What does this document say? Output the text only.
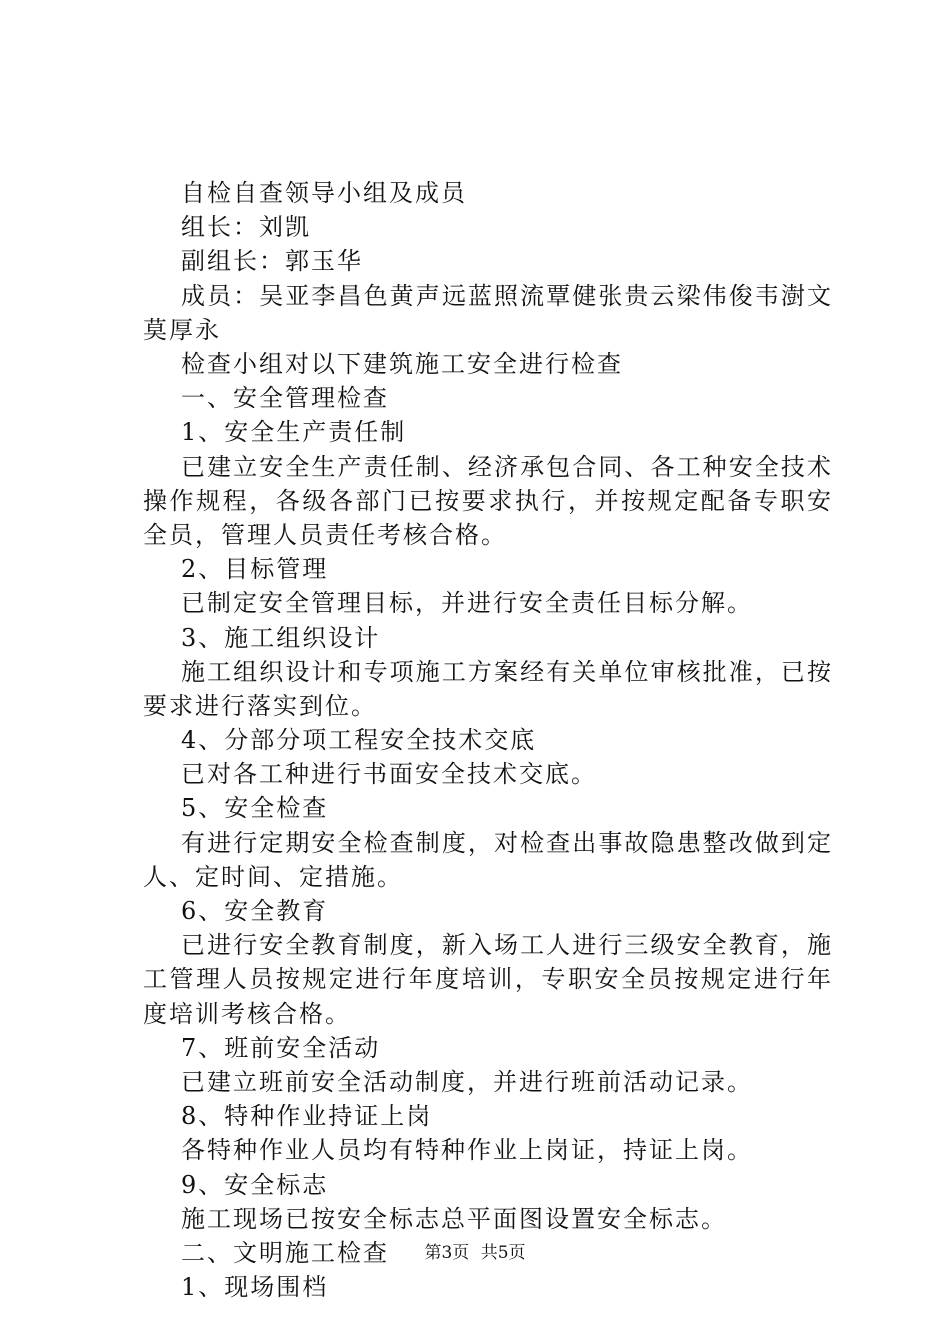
自检自查领导小组及成员
组长：刘凯
副组长：郭玉华

成员：吴亚李昌色黄声远蓝照流覃健张贵云梁伟俊韦澍文莫厚永

检查小组对以下建筑施工安全进行检查
一、安全管理检查
1、安全生产责任制

已建立安全生产责任制、经济承包合同、各工种安全技术操作规程，各级各部门已按要求执行，并按规定配备专职安全员，管理人员责任考核合格。

2、目标管理
已制定安全管理目标，并进行安全责任目标分解。
3、施工组织设计

施工组织设计和专项施工方案经有关单位审核批准，已按要求进行落实到位。

4、分部分项工程安全技术交底
已对各工种进行书面安全技术交底。
5、安全检查

有进行定期安全检查制度，对检查出事故隐患整改做到定人、定时间、定措施。

6、安全教育

已进行安全教育制度，新入场工人进行三级安全教育，施工管理人员按规定进行年度培训，专职安全员按规定进行年度培训考核合格。

7、班前安全活动
已建立班前安全活动制度，并进行班前活动记录。
8、特种作业持证上岗
各特种作业人员均有特种作业上岗证，持证上岗。
9、安全标志
施工现场已按安全标志总平面图设置安全标志。
二、文明施工检查
1、现场围档
第3页 共5页
